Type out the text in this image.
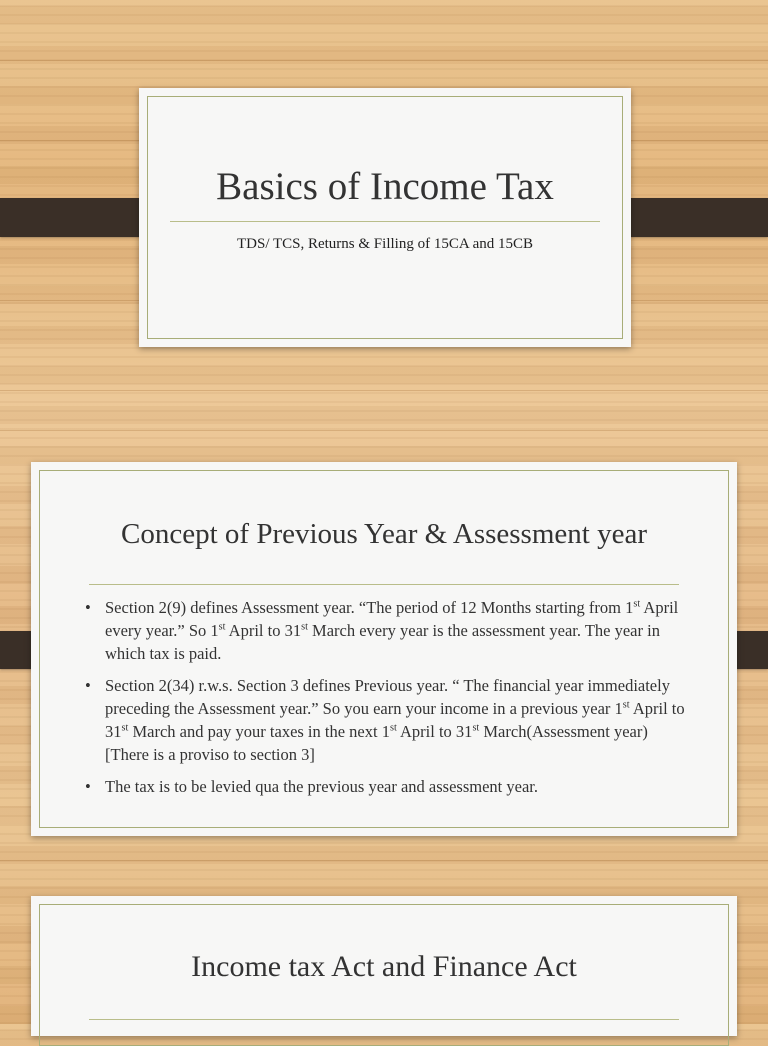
Basics of Income Tax
TDS/ TCS, Returns & Filling of 15CA and 15CB
Concept of Previous Year & Assessment year
• Section 2(9) defines Assessment year. “The period of 12 Months starting from 1st April every year.” So 1st April to 31st March every year is the assessment year. The year in which tax is paid.
• Section 2(34) r.w.s. Section 3 defines Previous year. “ The financial year immediately preceding the Assessment year.” So you earn your income in a previous year 1st April to 31st March and pay your taxes in the next 1st April to 31st March(Assessment year)[There is a proviso to section 3]
• The tax is to be levied qua the previous year and assessment year.
Income tax Act and Finance Act
